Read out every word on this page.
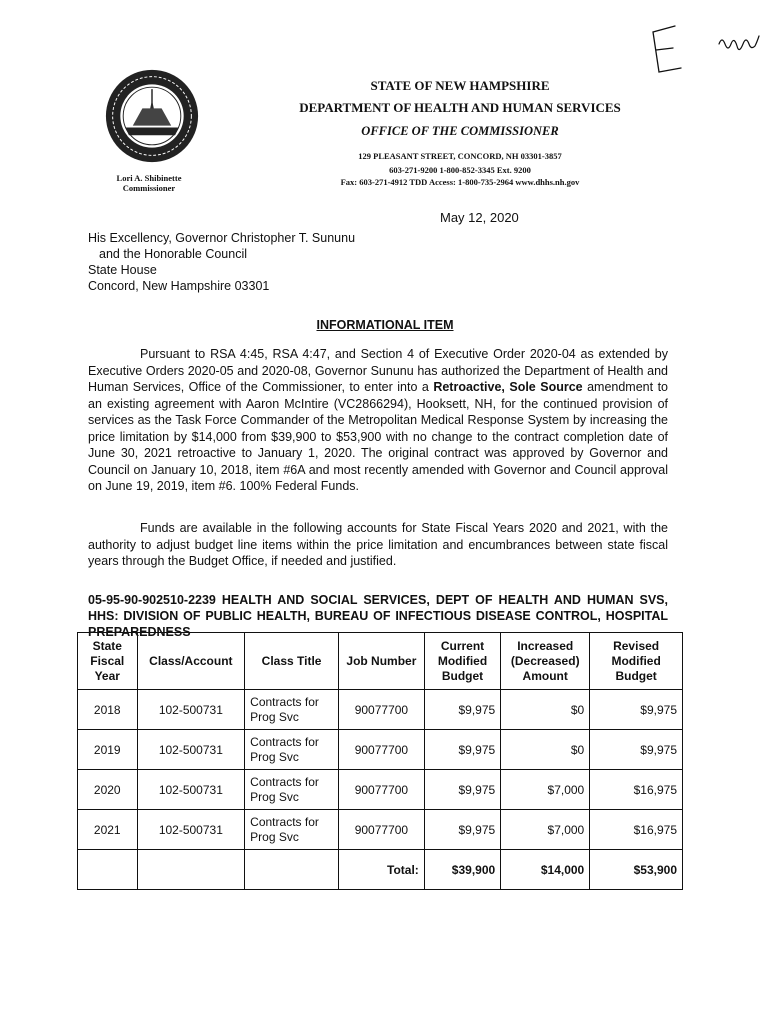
Lori A. Shibinette
Commissioner
STATE OF NEW HAMPSHIRE
DEPARTMENT OF HEALTH AND HUMAN SERVICES
OFFICE OF THE COMMISSIONER
129 PLEASANT STREET, CONCORD, NH 03301-3857
603-271-9200 1-800-852-3345 Ext. 9200
Fax: 603-271-4912 TDD Access: 1-800-735-2964 www.dhhs.nh.gov
May 12, 2020
His Excellency, Governor Christopher T. Sununu
and the Honorable Council
State House
Concord, New Hampshire 03301
INFORMATIONAL ITEM
Pursuant to RSA 4:45, RSA 4:47, and Section 4 of Executive Order 2020-04 as extended by Executive Orders 2020-05 and 2020-08, Governor Sununu has authorized the Department of Health and Human Services, Office of the Commissioner, to enter into a Retroactive, Sole Source amendment to an existing agreement with Aaron McIntire (VC2866294), Hooksett, NH, for the continued provision of services as the Task Force Commander of the Metropolitan Medical Response System by increasing the price limitation by $14,000 from $39,900 to $53,900 with no change to the contract completion date of June 30, 2021 retroactive to January 1, 2020. The original contract was approved by Governor and Council on January 10, 2018, item #6A and most recently amended with Governor and Council approval on June 19, 2019, item #6. 100% Federal Funds.
Funds are available in the following accounts for State Fiscal Years 2020 and 2021, with the authority to adjust budget line items within the price limitation and encumbrances between state fiscal years through the Budget Office, if needed and justified.
05-95-90-902510-2239 HEALTH AND SOCIAL SERVICES, DEPT OF HEALTH AND HUMAN SVS, HHS: DIVISION OF PUBLIC HEALTH, BUREAU OF INFECTIOUS DISEASE CONTROL, HOSPITAL PREPAREDNESS
State Fiscal Year	Class/Account	Class Title	Job Number	Current Modified Budget	Increased (Decreased) Amount	Revised Modified Budget
2018	102-500731	Contracts for Prog Svc	90077700	$9,975	$0	$9,975
2019	102-500731	Contracts for Prog Svc	90077700	$9,975	$0	$9,975
2020	102-500731	Contracts for Prog Svc	90077700	$9,975	$7,000	$16,975
2021	102-500731	Contracts for Prog Svc	90077700	$9,975	$7,000	$16,975
			Total:	$39,900	$14,000	$53,900
